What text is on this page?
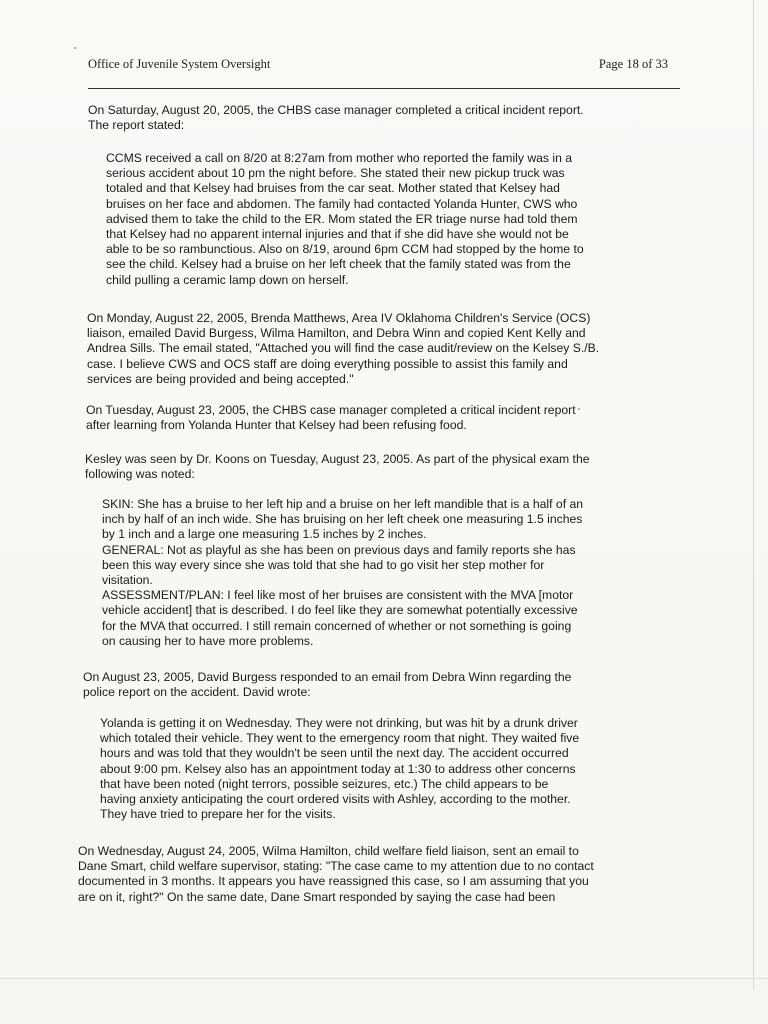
Office of Juvenile System Oversight	Page 18 of 33
On Saturday, August 20, 2005, the CHBS case manager completed a critical incident report.
The report stated:
CCMS received a call on 8/20 at 8:27am from mother who reported the family was in a
serious accident about 10 pm the night before. She stated their new pickup truck was
totaled and that Kelsey had bruises from the car seat. Mother stated that Kelsey had
bruises on her face and abdomen. The family had contacted Yolanda Hunter, CWS who
advised them to take the child to the ER. Mom stated the ER triage nurse had told them
that Kelsey had no apparent internal injuries and that if she did have she would not be
able to be so rambunctious. Also on 8/19, around 6pm CCM had stopped by the home to
see the child. Kelsey had a bruise on her left cheek that the family stated was from the
child pulling a ceramic lamp down on herself.
On Monday, August 22, 2005, Brenda Matthews, Area IV Oklahoma Children's Service (OCS)
liaison, emailed David Burgess, Wilma Hamilton, and Debra Winn and copied Kent Kelly and
Andrea Sills. The email stated, "Attached you will find the case audit/review on the Kelsey S./B.
case. I believe CWS and OCS staff are doing everything possible to assist this family and
services are being provided and being accepted."
On Tuesday, August 23, 2005, the CHBS case manager completed a critical incident report
after learning from Yolanda Hunter that Kelsey had been refusing food.
Kesley was seen by Dr. Koons on Tuesday, August 23, 2005. As part of the physical exam the
following was noted:
SKIN: She has a bruise to her left hip and a bruise on her left mandible that is a half of an
inch by half of an inch wide. She has bruising on her left cheek one measuring 1.5 inches
by 1 inch and a large one measuring 1.5 inches by 2 inches.
GENERAL: Not as playful as she has been on previous days and family reports she has
been this way every since she was told that she had to go visit her step mother for
visitation.
ASSESSMENT/PLAN: I feel like most of her bruises are consistent with the MVA [motor
vehicle accident] that is described. I do feel like they are somewhat potentially excessive
for the MVA that occurred. I still remain concerned of whether or not something is going
on causing her to have more problems.
On August 23, 2005, David Burgess responded to an email from Debra Winn regarding the
police report on the accident. David wrote:
Yolanda is getting it on Wednesday. They were not drinking, but was hit by a drunk driver
which totaled their vehicle. They went to the emergency room that night. They waited five
hours and was told that they wouldn't be seen until the next day. The accident occurred
about 9:00 pm. Kelsey also has an appointment today at 1:30 to address other concerns
that have been noted (night terrors, possible seizures, etc.) The child appears to be
having anxiety anticipating the court ordered visits with Ashley, according to the mother.
They have tried to prepare her for the visits.
On Wednesday, August 24, 2005, Wilma Hamilton, child welfare field liaison, sent an email to
Dane Smart, child welfare supervisor, stating: "The case came to my attention due to no contact
documented in 3 months. It appears you have reassigned this case, so I am assuming that you
are on it, right?" On the same date, Dane Smart responded by saying the case had been
